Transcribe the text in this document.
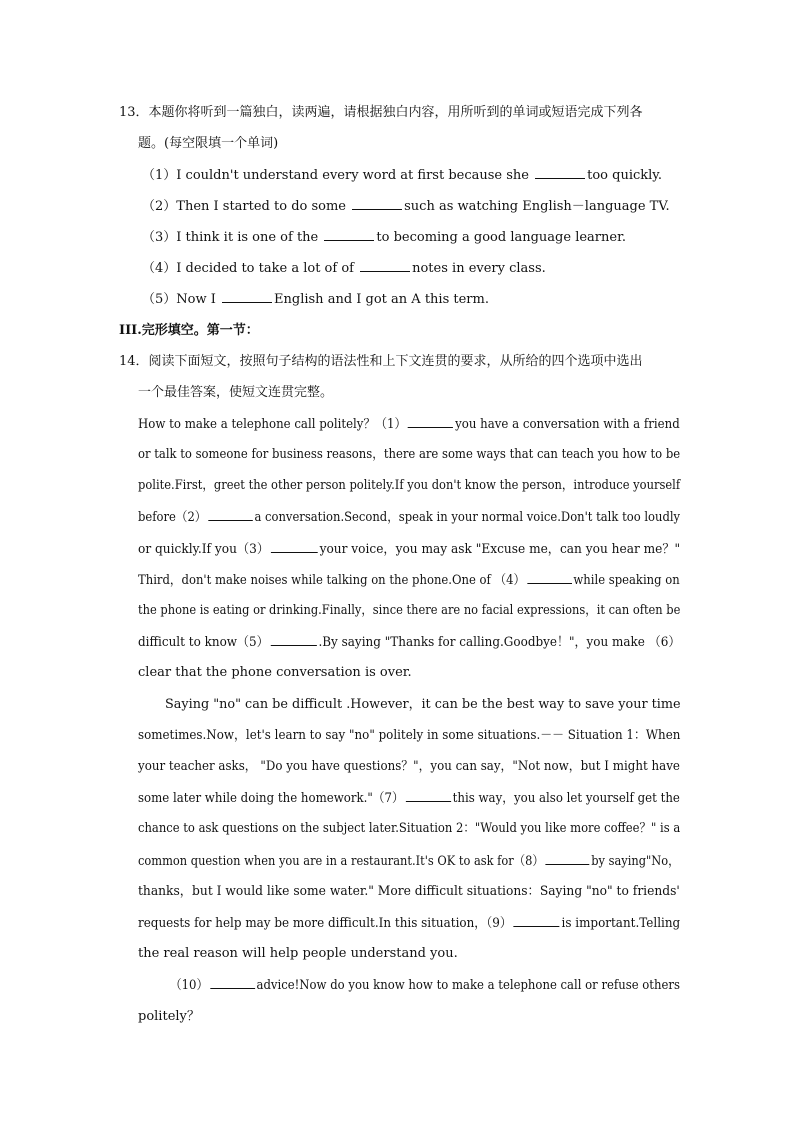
13．本题你将听到一篇独白，读两遍，请根据独白内容，用所听到的单词或短语完成下列各
题。(每空限填一个单词)
（1）I couldn't understand every word at first because she	too quickly.
（2）Then I started to do some	such as watching English－language TV.
（3）I think it is one of the	to becoming a good language learner.
（4）I decided to take a lot of of	notes in every class.
（5）Now I	English and I got an A this term.
III.完形填空。第一节：
14．阅读下面短文，按照句子结构的语法性和上下文连贯的要求，从所给的四个选项中选出
一个最佳答案，使短文连贯完整。
How to make a telephone call politely？（1）	you have a conversation with a friend
or talk to someone for business reasons，there are some ways that can teach you how to be
polite.First，greet the other person politely.If you don't know the person，introduce yourself
before（2）	a conversation.Second，speak in your normal voice.Don't talk too loudly
or quickly.If you（3）	your voice，you may ask "Excuse me，can you hear me？"
Third，don't make noises while talking on the phone.One of （4）	while speaking on
the phone is eating or drinking.Finally，since there are no facial expressions，it can often be
difficult to know（5）	.By saying "Thanks for calling.Goodbye！"，you make （6）
clear that the phone conversation is over.
Saying "no" can be difficult .However，it can be the best way to save your time
sometimes.Now，let's learn to say "no" politely in some situations.－－ Situation 1：When
your teacher asks， "Do you have questions？"，you can say，"Not now，but I might have
some later while doing the homework."（7）	this way，you also let yourself get the
chance to ask questions on the subject later.Situation 2："Would you like more coffee？" is a
common question when you are in a restaurant.It's OK to ask for（8）	by saying"No，
thanks，but I would like some water." More difficult situations：Saying "no" to friends'
requests for help may be more difficult.In this situation，（9）	is important.Telling
the real reason will help people understand you.
（10）	advice!Now do you know how to make a telephone call or refuse others
politely？
